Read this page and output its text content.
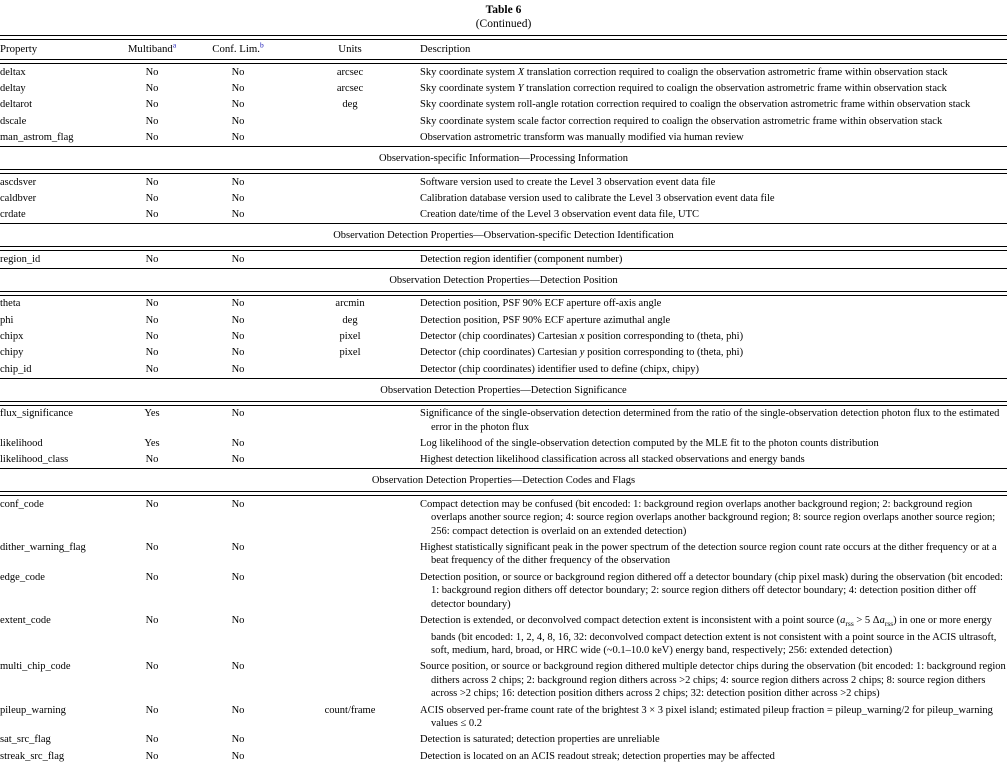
Table 6
(Continued)

Property	Multiband$^a$	Conf. Lim.$^b$	Units	Description

deltax	No	No	arcsec	Sky coordinate system X translation correction required to coalign the observation astrometric frame within observation stack

deltay	No	No	arcsec	Sky coordinate system Y translation correction required to coalign the observation astrometric frame within observation stack

deltarot	No	No	deg	Sky coordinate system roll-angle rotation correction required to coalign the observation astrometric frame within observation stack

dscale	No	No		Sky coordinate system scale factor correction required to coalign the observation astrometric frame within observation stack

man_astrom_flag	No	No		Observation astrometric transform was manually modified via human review

Observation-specific Information—Processing Information				

ascdsver	No	No		Software version used to create the Level 3 observation event data file

caldbver	No	No		Calibration database version used to calibrate the Level 3 observation event data file

crdate	No	No		Creation date/time of the Level 3 observation event data file, UTC

Observation Detection Properties—Observation-specific Detection Identification				

region_id	No	No		Detection region identifier (component number)

Observation Detection Properties—Detection Position				

theta	No	No	arcmin	Detection position, PSF 90% ECF aperture off-axis angle

phi	No	No	deg	Detection position, PSF 90% ECF aperture azimuthal angle

chipx	No	No	pixel	Detector (chip coordinates) Cartesian x position corresponding to (theta, phi)

chipy	No	No	pixel	Detector (chip coordinates) Cartesian y position corresponding to (theta, phi)

chip_id	No	No		Detector (chip coordinates) identifier used to define (chipx, chipy)

Observation Detection Properties—Detection Significance				

flux_significance	Yes	No		Significance of the single-observation detection determined from the ratio of the single-observation detection photon flux to the estimated error in the photon flux

likelihood	Yes	No		Log likelihood of the single-observation detection computed by the MLE fit to the photon counts distribution

likelihood_class	No	No		Highest detection likelihood classification across all stacked observations and energy bands

Observation Detection Properties—Detection Codes and Flags				

conf_code	No	No		Compact detection may be confused (bit encoded: 1: background region overlaps another background region; 2: background region overlaps another source region; 4: source region overlaps another background region; 8: source region overlaps another source region; 256: compact detection is overlaid on an extended detection)

dither_warning_flag	No	No		Highest statistically significant peak in the power spectrum of the detection source region count rate occurs at the dither frequency or at a beat frequency of the dither frequency of the observation

edge_code	No	No		Detection position, or source or background region dithered off a detector boundary (chip pixel mask) during the observation (bit encoded: 1: background region dithers off detector boundary; 2: source region dithers off detector boundary; 4: detection position dither off detector boundary)

extent_code	No	No		Detection is extended, or deconvolved compact detection extent is inconsistent with a point source ($a_{rss} > 5$ $\Delta a_{rss}$) in one or more energy bands (bit encoded: 1, 2, 4, 8, 16, 32: deconvolved compact detection extent is not consistent with a point source in the ACIS ultrasoft, soft, medium, hard, broad, or HRC wide (~0.1–10.0 keV) energy band, respectively; 256: extended detection)

multi_chip_code	No	No		Source position, or source or background region dithered multiple detector chips during the observation (bit encoded: 1: background region dithers across 2 chips; 2: background region dithers across >2 chips; 4: source region dithers across 2 chips; 8: source region dithers across >2 chips; 16: detection position dithers across 2 chips; 32: detection position dither across >2 chips)

pileup_warning	No	No	count/frame	ACIS observed per-frame count rate of the brightest 3 × 3 pixel island; estimated pileup fraction = pileup_warning/2 for pileup_warning values ≤ 0.2

sat_src_flag	No	No		Detection is saturated; detection properties are unreliable

streak_src_flag	No	No		Detection is located on an ACIS readout streak; detection properties may be affected
